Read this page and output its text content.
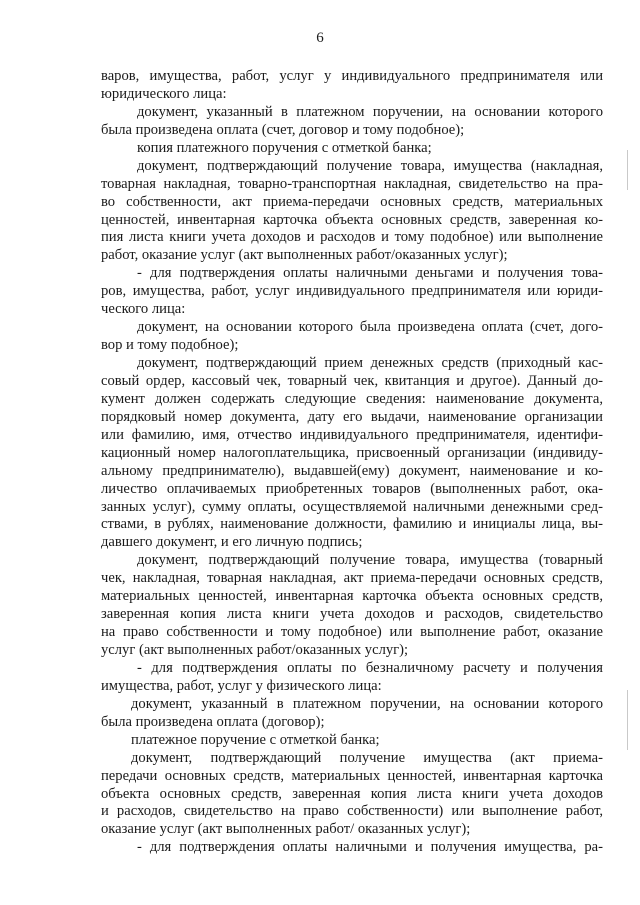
6
варов, имущества, работ, услуг у индивидуального предпринимателя или
юридического лица:
документ, указанный в платежном поручении, на основании которого
была произведена оплата (счет, договор и тому подобное);
копия платежного поручения с отметкой банка;
документ, подтверждающий получение товара, имущества (накладная,
товарная накладная, товарно-транспортная накладная, свидетельство на пра-
во собственности, акт приема-передачи основных средств, материальных
ценностей, инвентарная карточка объекта основных средств, заверенная ко-
пия листа книги учета доходов и расходов и тому подобное) или выполнение
работ, оказание услуг (акт выполненных работ/оказанных услуг);
- для подтверждения оплаты наличными деньгами и получения това-
ров, имущества, работ, услуг индивидуального предпринимателя или юриди-
ческого лица:
документ, на основании которого была произведена оплата (счет, дого-
вор и тому подобное);
документ, подтверждающий прием денежных средств (приходный кас-
совый ордер, кассовый чек, товарный чек, квитанция и другое). Данный до-
кумент должен содержать следующие сведения: наименование документа,
порядковый номер документа, дату его выдачи, наименование организации
или фамилию, имя, отчество индивидуального предпринимателя, идентифи-
кационный номер налогоплательщика, присвоенный организации (индивиду-
альному предпринимателю), выдавшей(ему) документ, наименование и ко-
личество оплачиваемых приобретенных товаров (выполненных работ, ока-
занных услуг), сумму оплаты, осуществляемой наличными денежными сред-
ствами, в рублях, наименование должности, фамилию и инициалы лица, вы-
давшего документ, и его личную подпись;
документ, подтверждающий получение товара, имущества (товарный
чек, накладная, товарная накладная, акт приема-передачи основных средств,
материальных ценностей, инвентарная карточка объекта основных средств,
заверенная копия листа книги учета доходов и расходов, свидетельство
на право собственности и тому подобное) или выполнение работ, оказание
услуг (акт выполненных работ/оказанных услуг);
- для подтверждения оплаты по безналичному расчету и получения
имущества, работ, услуг у физического лица:
документ, указанный в платежном поручении, на основании которого
была произведена оплата (договор);
платежное поручение с отметкой банка;
документ, подтверждающий получение имущества (акт приема-
передачи основных средств, материальных ценностей, инвентарная карточка
объекта основных средств, заверенная копия листа книги учета доходов
и расходов, свидетельство на право собственности) или выполнение работ,
оказание услуг (акт выполненных работ/ оказанных услуг);
- для подтверждения оплаты наличными и получения имущества, ра-
